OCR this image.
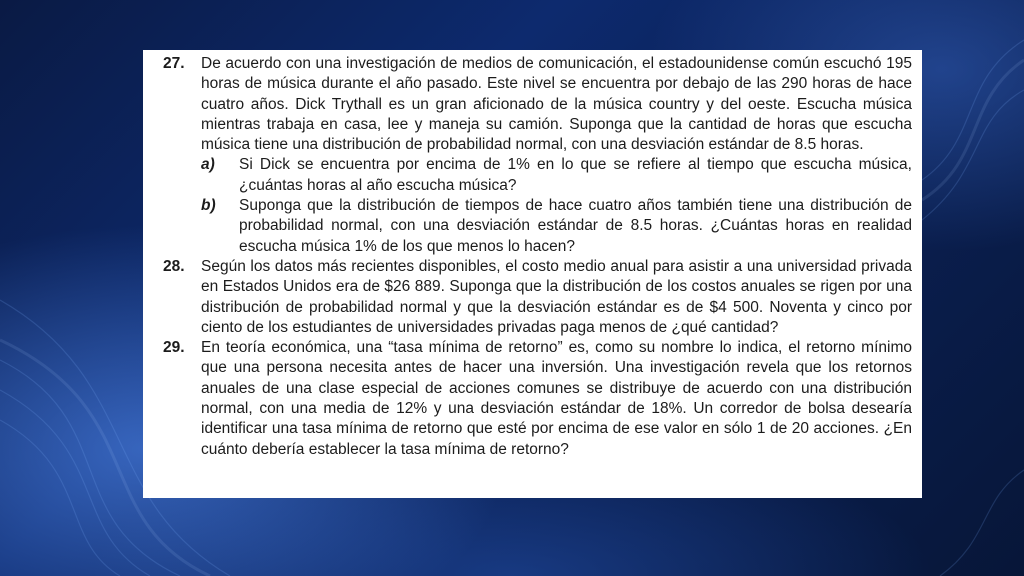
27.	De acuerdo con una investigación de medios de comunicación, el estadounidense común escuchó 195 horas de música durante el año pasado. Este nivel se encuentra por debajo de las 290 horas de hace cuatro años. Dick Trythall es un gran aficionado de la música country y del oeste. Escucha música mientras trabaja en casa, lee y maneja su camión. Suponga que la cantidad de horas que escucha música tiene una distribución de probabilidad normal, con una desviación estándar de 8.5 horas.
a)	Si Dick se encuentra por encima de 1% en lo que se refiere al tiempo que escucha música, ¿cuántas horas al año escucha música?
b)	Suponga que la distribución de tiempos de hace cuatro años también tiene una distribución de probabilidad normal, con una desviación estándar de 8.5 horas. ¿Cuántas horas en realidad escucha música 1% de los que menos lo hacen?
28.	Según los datos más recientes disponibles, el costo medio anual para asistir a una universidad privada en Estados Unidos era de $26 889. Suponga que la distribución de los costos anuales se rigen por una distribución de probabilidad normal y que la desviación estándar es de $4 500. Noventa y cinco por ciento de los estudiantes de universidades privadas paga menos de ¿qué cantidad?
29.	En teoría económica, una “tasa mínima de retorno” es, como su nombre lo indica, el retorno mínimo que una persona necesita antes de hacer una inversión. Una investigación revela que los retornos anuales de una clase especial de acciones comunes se distribuye de acuerdo con una distribución normal, con una media de 12% y una desviación estándar de 18%. Un corredor de bolsa desearía identificar una tasa mínima de retorno que esté por encima de ese valor en sólo 1 de 20 acciones. ¿En cuánto debería establecer la tasa mínima de retorno?
